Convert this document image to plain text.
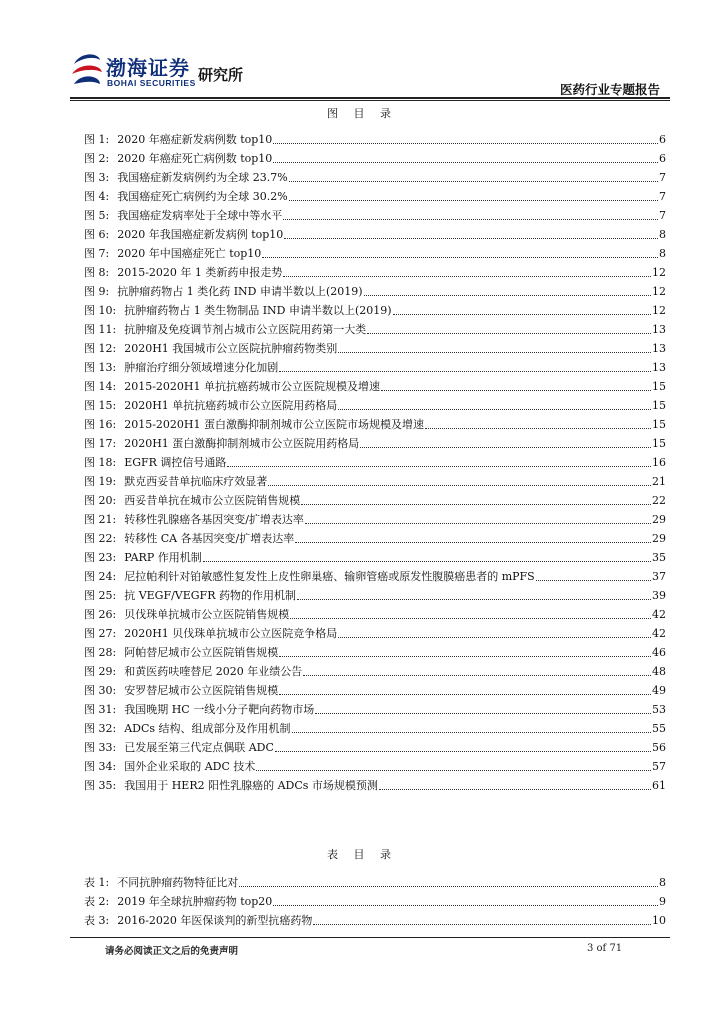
渤海证券
BOHAI SECURITIES 研究所
医药行业专题报告
图 目 录
图 1: 2020 年癌症新发病例数 top10	6
图 2: 2020 年癌症死亡病例数 top10	6
图 3: 我国癌症新发病例约为全球 23.7%	7
图 4: 我国癌症死亡病例约为全球 30.2%	7
图 5: 我国癌症发病率处于全球中等水平	7
图 6: 2020 年我国癌症新发病例 top10	8
图 7: 2020 年中国癌症死亡 top10	8
图 8: 2015-2020 年 1 类新药申报走势	12
图 9: 抗肿瘤药物占 1 类化药 IND 申请半数以上(2019)	12
图 10: 抗肿瘤药物占 1 类生物制品 IND 申请半数以上(2019)	12
图 11: 抗肿瘤及免疫调节剂占城市公立医院用药第一大类	13
图 12: 2020H1 我国城市公立医院抗肿瘤药物类别	13
图 13: 肿瘤治疗细分领域增速分化加剧	13
图 14: 2015-2020H1 单抗抗癌药城市公立医院规模及增速	15
图 15: 2020H1 单抗抗癌药城市公立医院用药格局	15
图 16: 2015-2020H1 蛋白激酶抑制剂城市公立医院市场规模及增速	15
图 17: 2020H1 蛋白激酶抑制剂城市公立医院用药格局	15
图 18: EGFR 调控信号通路	16
图 19: 默克西妥昔单抗临床疗效显著	21
图 20: 西妥昔单抗在城市公立医院销售规模	22
图 21: 转移性乳腺癌各基因突变/扩增表达率	29
图 22: 转移性 CA 各基因突变/扩增表达率	29
图 23: PARP 作用机制	35
图 24: 尼拉帕利针对铂敏感性复发性上皮性卵巢癌、输卵管癌或原发性腹膜癌患者的 mPFS	37
图 25: 抗 VEGF/VEGFR 药物的作用机制	39
图 26: 贝伐珠单抗城市公立医院销售规模	42
图 27: 2020H1 贝伐珠单抗城市公立医院竞争格局	42
图 28: 阿帕替尼城市公立医院销售规模	46
图 29: 和黄医药呋喹替尼 2020 年业绩公告	48
图 30: 安罗替尼城市公立医院销售规模	49
图 31: 我国晚期 HC 一线小分子靶向药物市场	53
图 32: ADCs 结构、组成部分及作用机制	55
图 33: 已发展至第三代定点偶联 ADC	56
图 34: 国外企业采取的 ADC 技术	57
图 35: 我国用于 HER2 阳性乳腺癌的 ADCs 市场规模预测	61
表 目 录
表 1: 不同抗肿瘤药物特征比对	8
表 2: 2019 年全球抗肿瘤药物 top20	9
表 3: 2016-2020 年医保谈判的新型抗癌药物	10
请务必阅读正文之后的免责声明	3 of 71
